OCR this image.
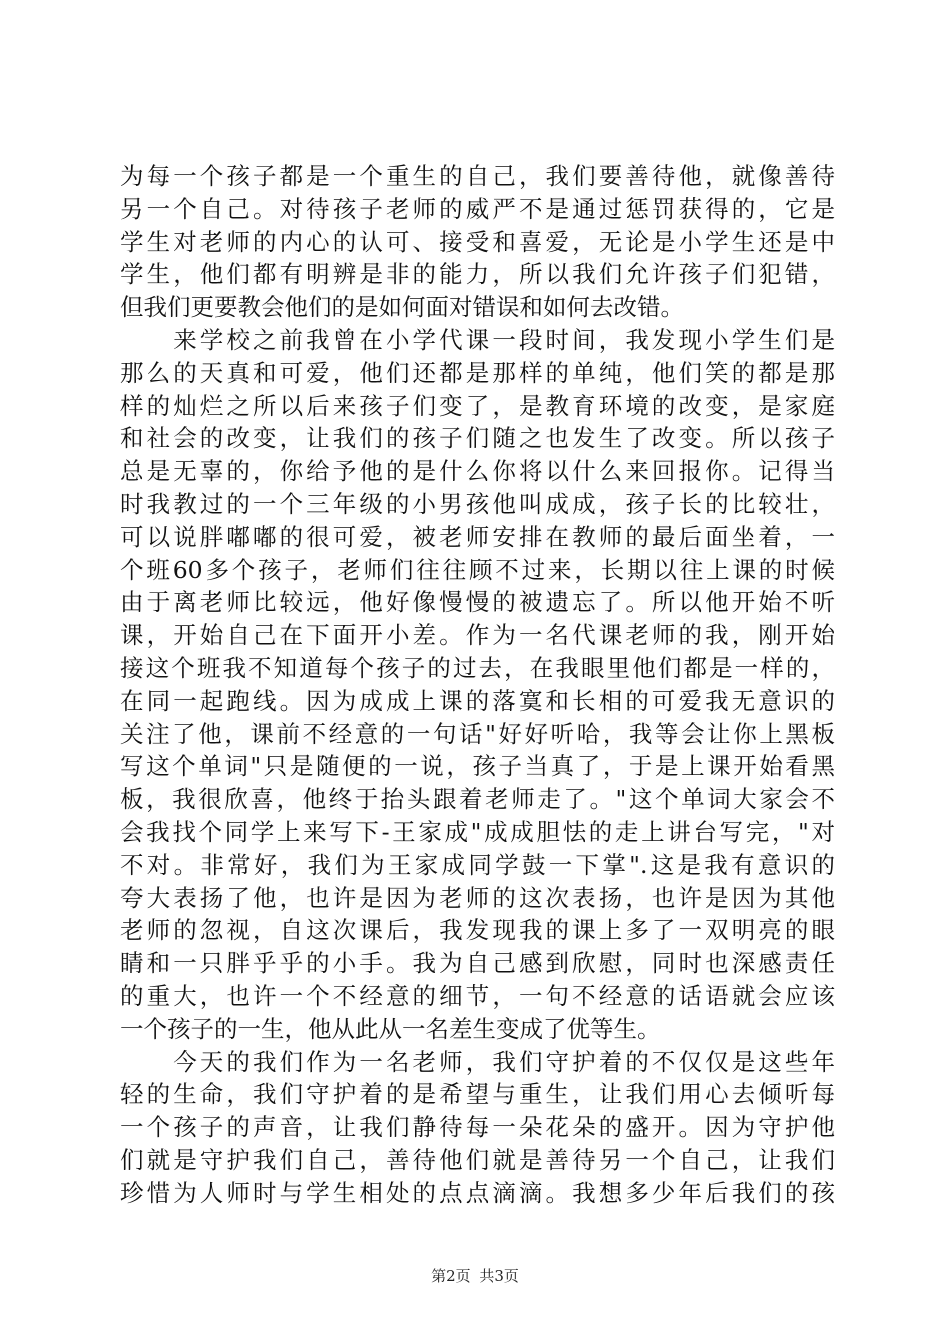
为每一个孩子都是一个重生的自己，我们要善待他，就像善待
另一个自己。对待孩子老师的威严不是通过惩罚获得的，它是
学生对老师的内心的认可、接受和喜爱，无论是小学生还是中
学生，他们都有明辨是非的能力，所以我们允许孩子们犯错，
但我们更要教会他们的是如何面对错误和如何去改错。
　　来学校之前我曾在小学代课一段时间，我发现小学生们是
那么的天真和可爱，他们还都是那样的单纯，他们笑的都是那
样的灿烂之所以后来孩子们变了，是教育环境的改变，是家庭
和社会的改变，让我们的孩子们随之也发生了改变。所以孩子
总是无辜的，你给予他的是什么你将以什么来回报你。记得当
时我教过的一个三年级的小男孩他叫成成，孩子长的比较壮，
可以说胖嘟嘟的很可爱，被老师安排在教师的最后面坐着，一
个班60多个孩子，老师们往往顾不过来，长期以往上课的时候
由于离老师比较远，他好像慢慢的被遗忘了。所以他开始不听
课，开始自己在下面开小差。作为一名代课老师的我，刚开始
接这个班我不知道每个孩子的过去，在我眼里他们都是一样的，
在同一起跑线。因为成成上课的落寞和长相的可爱我无意识的
关注了他，课前不经意的一句话"好好听哈，我等会让你上黑板
写这个单词"只是随便的一说，孩子当真了，于是上课开始看黑
板，我很欣喜，他终于抬头跟着老师走了。"这个单词大家会不
会我找个同学上来写下-王家成"成成胆怯的走上讲台写完，"对
不对。非常好，我们为王家成同学鼓一下掌".这是我有意识的
夸大表扬了他，也许是因为老师的这次表扬，也许是因为其他
老师的忽视，自这次课后，我发现我的课上多了一双明亮的眼
睛和一只胖乎乎的小手。我为自己感到欣慰，同时也深感责任
的重大，也许一个不经意的细节，一句不经意的话语就会应该
一个孩子的一生，他从此从一名差生变成了优等生。
　　今天的我们作为一名老师，我们守护着的不仅仅是这些年
轻的生命，我们守护着的是希望与重生，让我们用心去倾听每
一个孩子的声音，让我们静待每一朵花朵的盛开。因为守护他
们就是守护我们自己，善待他们就是善待另一个自己，让我们
珍惜为人师时与学生相处的点点滴滴。我想多少年后我们的孩
第2页 共3页
